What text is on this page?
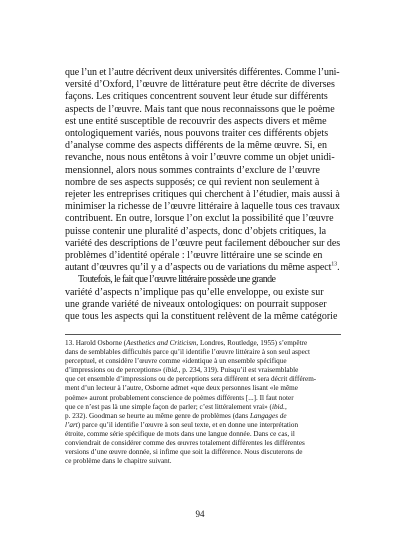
que l’un et l’autre décrivent deux universités différentes. Comme l’uni-
versité d’Oxford, l’œuvre de littérature peut être décrite de diverses
façons. Les critiques concentrent souvent leur étude sur différents
aspects de l’œuvre. Mais tant que nous reconnaissons que le poème
est une entité susceptible de recouvrir des aspects divers et même
ontologiquement variés, nous pouvons traiter ces différents objets
d’analyse comme des aspects différents de la même œuvre. Si, en
revanche, nous nous entêtons à voir l’œuvre comme un objet unidi-
mensionnel, alors nous sommes contraints d’exclure de l’œuvre
nombre de ses aspects supposés; ce qui revient non seulement à
rejeter les entreprises critiques qui cherchent à l’étudier, mais aussi à
minimiser la richesse de l’œuvre littéraire à laquelle tous ces travaux
contribuent. En outre, lorsque l’on exclut la possibilité que l’œuvre
puisse contenir une pluralité d’aspects, donc d’objets critiques, la
variété des descriptions de l’œuvre peut facilement déboucher sur des
problèmes d’identité opérale : l’œuvre littéraire une se scinde en
autant d’œuvres qu’il y a d’aspects ou de variations du même aspect$^{13}$.
Toutefois, le fait que l’œuvre littéraire possède une grande
variété d’aspects n’implique pas qu’elle enveloppe, ou existe sur
une grande variété de niveaux ontologiques: on pourrait supposer
que tous les aspects qui la constituent relèvent de la même catégorie
13. Harold Osborne (Aesthetics and Criticism, Londres, Routledge, 1955) s’empêtre
dans de semblables difficultés parce qu’il identifie l’œuvre littéraire à son seul aspect
perceptuel, et considère l’œuvre comme «identique à un ensemble spécifique
d’impressions ou de perceptions» (ibid., p. 234, 319). Puisqu’il est vraisemblable
que cet ensemble d’impressions ou de perceptions sera différent et sera décrit différem-
ment d’un lecteur à l’autre, Osborne admet «que deux personnes lisant «le même
poème» auront probablement conscience de poèmes différents [...]. Il faut noter
que ce n’est pas là une simple façon de parler; c’est littéralement vrai» (ibid.,
p. 232). Goodman se heurte au même genre de problèmes (dans Langages de
l’art) parce qu’il identifie l’œuvre à son seul texte, et en donne une interprétation
étroite, comme série spécifique de mots dans une langue donnée. Dans ce cas, il
conviendrait de considérer comme des œuvres totalement différentes les différentes
versions d’une œuvre donnée, si infime que soit la différence. Nous discuterons de
ce problème dans le chapitre suivant.
94
